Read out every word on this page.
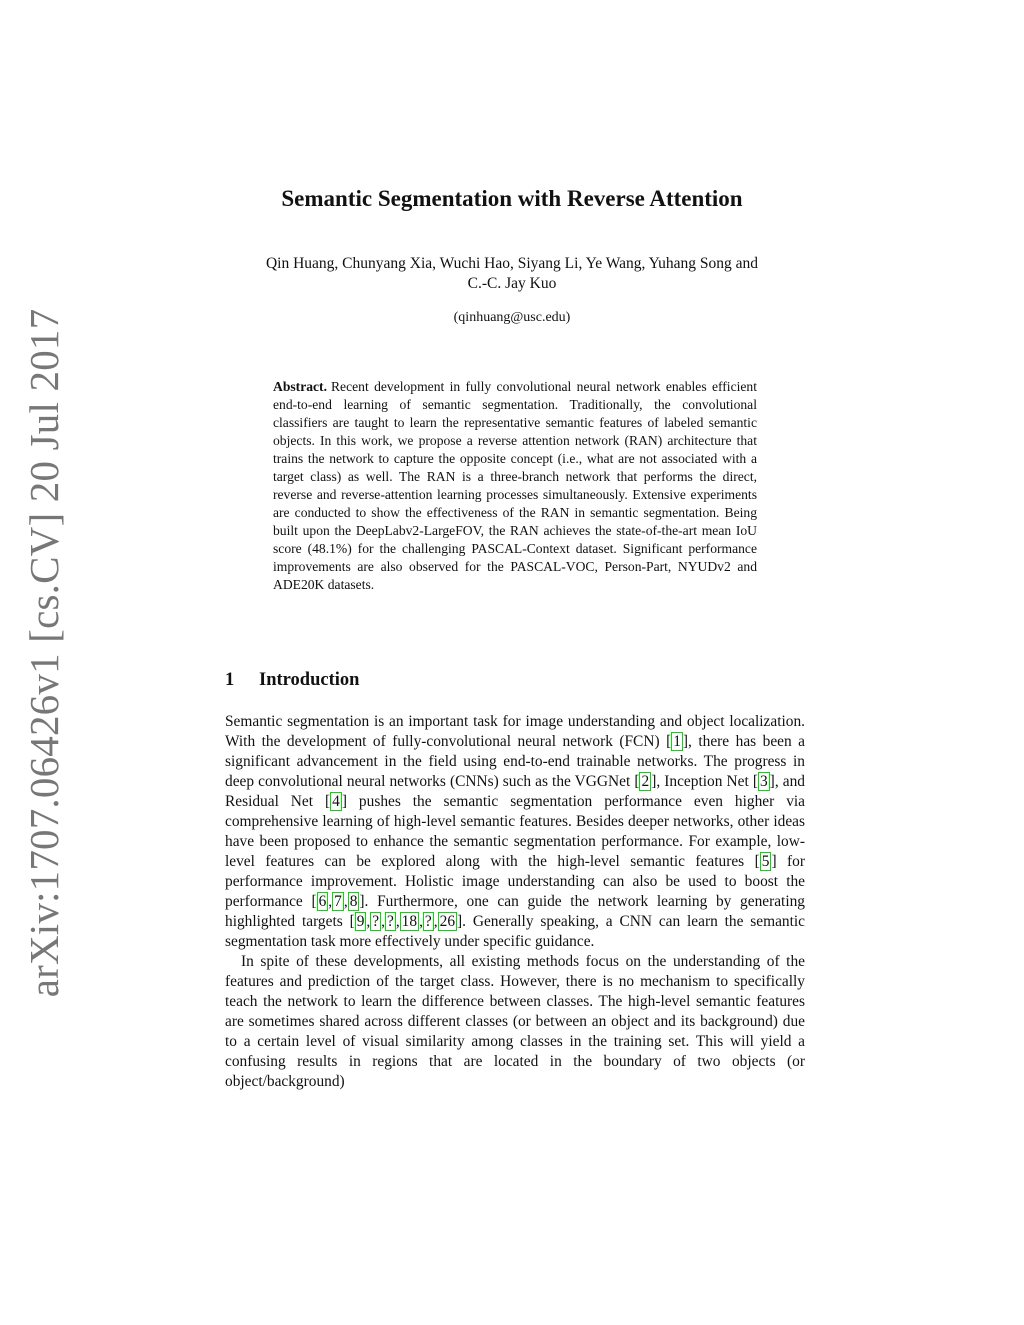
arXiv:1707.06426v1 [cs.CV] 20 Jul 2017
Semantic Segmentation with Reverse Attention
Qin Huang, Chunyang Xia, Wuchi Hao, Siyang Li, Ye Wang, Yuhang Song and
C.-C. Jay Kuo
(qinhuang@usc.edu)
Abstract. Recent development in fully convolutional neural network enables efficient end-to-end learning of semantic segmentation. Traditionally, the convolutional classifiers are taught to learn the representative semantic features of labeled semantic objects. In this work, we propose a reverse attention network (RAN) architecture that trains the network to capture the opposite concept (i.e., what are not associated with a target class) as well. The RAN is a three-branch network that performs the direct, reverse and reverse-attention learning processes simultaneously. Extensive experiments are conducted to show the effectiveness of the RAN in semantic segmentation. Being built upon the DeepLabv2-LargeFOV, the RAN achieves the state-of-the-art mean IoU score (48.1%) for the challenging PASCAL-Context dataset. Significant performance improvements are also observed for the PASCAL-VOC, Person-Part, NYUDv2 and ADE20K datasets.
1 Introduction

Semantic segmentation is an important task for image understanding and object localization. With the development of fully-convolutional neural network (FCN) [ 1 ], there has been a significant advancement in the field using end-to-end trainable networks. The progress in deep convolutional neural networks (CNNs) such as the VGGNet [ 2 ], Inception Net [ 3 ], and Residual Net [ 4 ] pushes the semantic segmentation performance even higher via comprehensive learning of high-level semantic features. Besides deeper networks, other ideas have been proposed to enhance the semantic segmentation performance. For example, low-level features can be explored along with the high-level semantic features [ 5 ] for performance improvement. Holistic image understanding can also be used to boost the performance [ 6 , 7 , 8 ]. Furthermore, one can guide the network learning by generating highlighted targets [ 9 , ? , ? , 18 , ? , 26 ]. Generally speaking, a CNN can learn the semantic segmentation task more effectively under specific guidance.

In spite of these developments, all existing methods focus on the understanding of the features and prediction of the target class. However, there is no mechanism to specifically teach the network to learn the difference between classes. The high-level semantic features are sometimes shared across different classes (or between an object and its background) due to a certain level of visual similarity among classes in the training set. This will yield a confusing results in regions that are located in the boundary of two objects (or object/background)
